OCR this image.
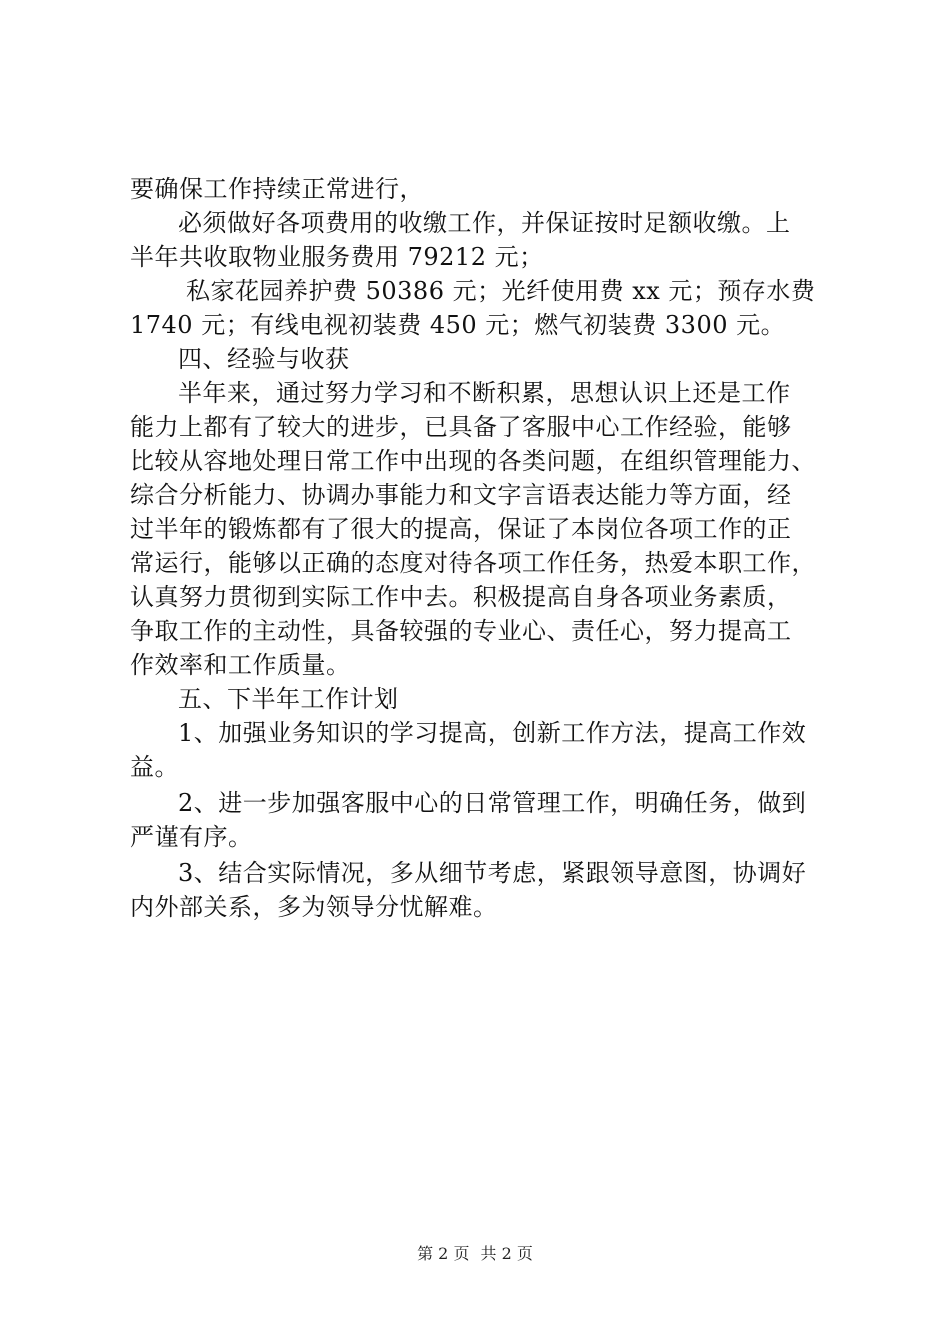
要确保工作持续正常进行，
必须做好各项费用的收缴工作，并保证按时足额收缴。上
半年共收取物业服务费用 79212 元；
私家花园养护费 50386 元；光纤使用费 xx 元；预存水费
1740 元；有线电视初装费 450 元；燃气初装费 3300 元。
四、经验与收获
半年来，通过努力学习和不断积累，思想认识上还是工作
能力上都有了较大的进步，已具备了客服中心工作经验，能够
比较从容地处理日常工作中出现的各类问题，在组织管理能力、
综合分析能力、协调办事能力和文字言语表达能力等方面，经
过半年的锻炼都有了很大的提高，保证了本岗位各项工作的正
常运行，能够以正确的态度对待各项工作任务，热爱本职工作，
认真努力贯彻到实际工作中去。积极提高自身各项业务素质，
争取工作的主动性，具备较强的专业心、责任心，努力提高工
作效率和工作质量。
五、下半年工作计划
1、加强业务知识的学习提高，创新工作方法，提高工作效
益。
2、进一步加强客服中心的日常管理工作，明确任务，做到
严谨有序。
3、结合实际情况，多从细节考虑，紧跟领导意图，协调好
内外部关系，多为领导分忧解难。
第 2 页 共 2 页
